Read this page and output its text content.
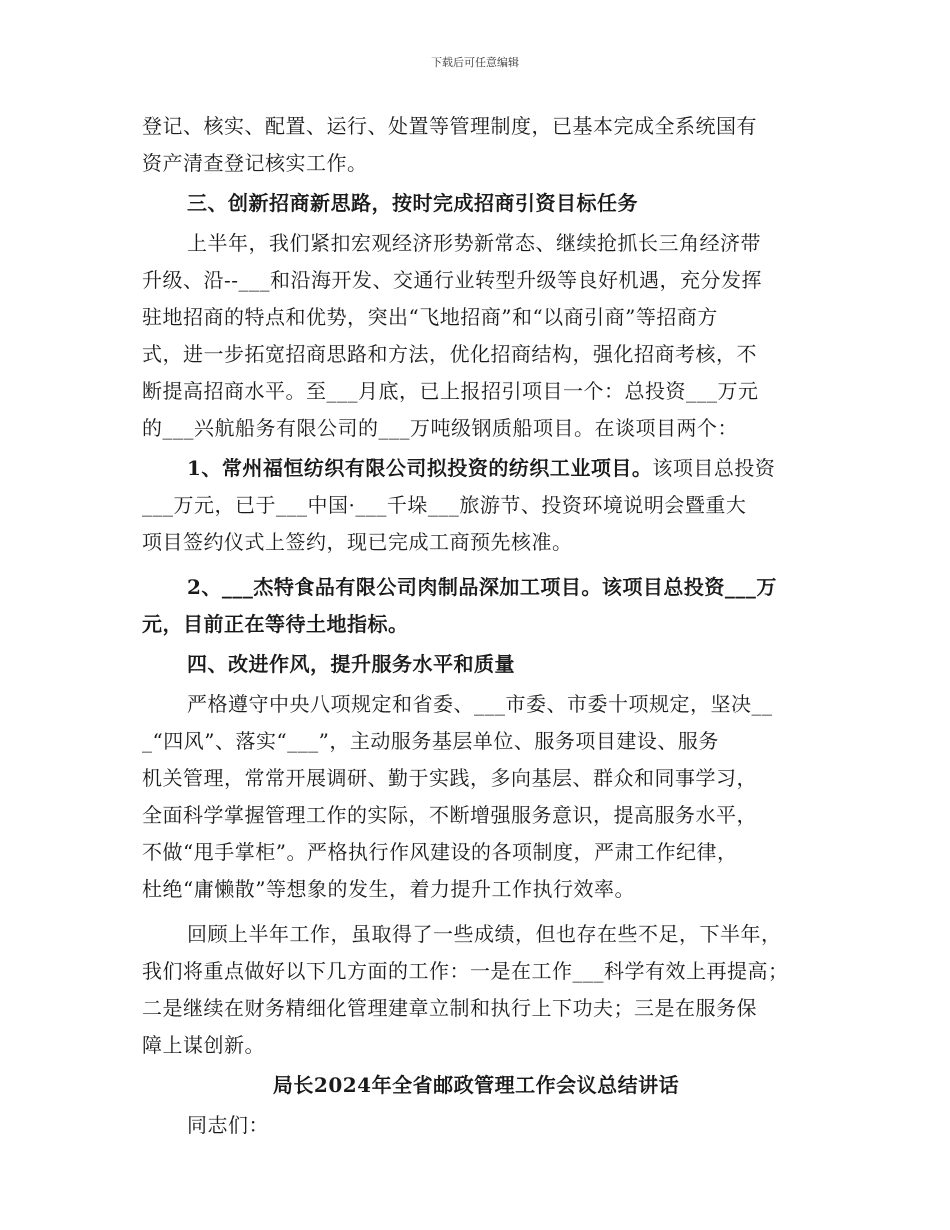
下载后可任意编辑
登记、核实、配置、运行、处置等管理制度，已基本完成全系统国有
资产清查登记核实工作。
三、创新招商新思路，按时完成招商引资目标任务
上半年，我们紧扣宏观经济形势新常态、继续抢抓长三角经济带
升级、沿--___和沿海开发、交通行业转型升级等良好机遇，充分发挥
驻地招商的特点和优势，突出“飞地招商”和“以商引商”等招商方
式，进一步拓宽招商思路和方法，优化招商结构，强化招商考核，不
断提高招商水平。至___月底，已上报招引项目一个：总投资___万元
的___兴航船务有限公司的___万吨级钢质船项目。在谈项目两个：
1、常州福恒纺织有限公司拟投资的纺织工业项目。该项目总投资
___万元，已于___中国·___千垛___旅游节、投资环境说明会暨重大
项目签约仪式上签约，现已完成工商预先核准。
2、___杰特食品有限公司肉制品深加工项目。该项目总投资___万
元，目前正在等待土地指标。
四、改进作风，提升服务水平和质量
严格遵守中央八项规定和省委、___市委、市委十项规定，坚决__
_“四风”、落实“___”，主动服务基层单位、服务项目建设、服务
机关管理，常常开展调研、勤于实践，多向基层、群众和同事学习，
全面科学掌握管理工作的实际，不断增强服务意识，提高服务水平，
不做“甩手掌柜”。严格执行作风建设的各项制度，严肃工作纪律，
杜绝“庸懒散”等想象的发生，着力提升工作执行效率。
回顾上半年工作，虽取得了一些成绩，但也存在些不足，下半年，
我们将重点做好以下几方面的工作：一是在工作___科学有效上再提高；
二是继续在财务精细化管理建章立制和执行上下功夫；三是在服务保
障上谋创新。
局长2024年全省邮政管理工作会议总结讲话
同志们：
